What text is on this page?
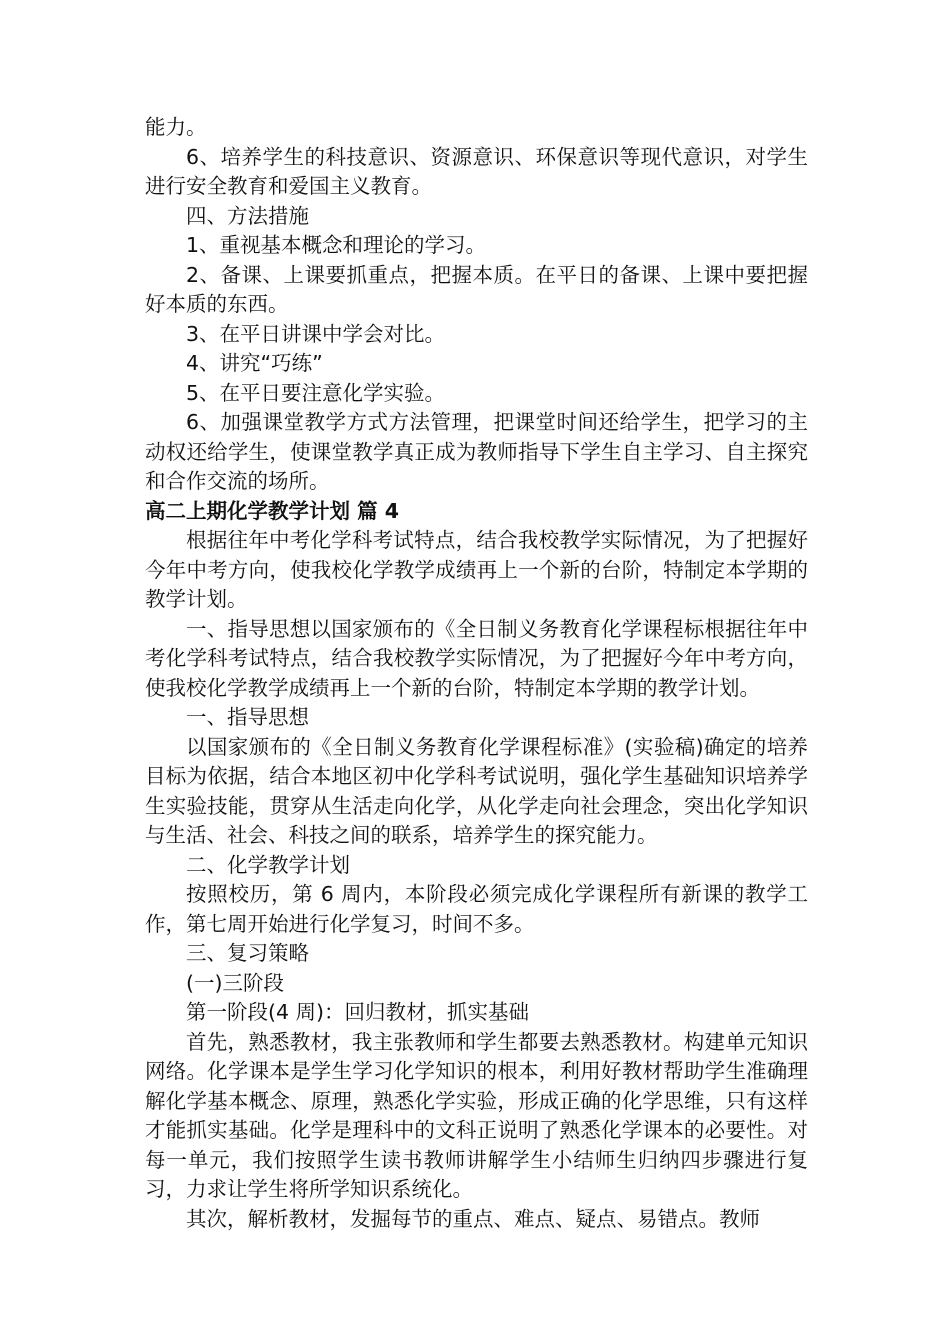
能力。

6、培养学生的科技意识、资源意识、环保意识等现代意识，对学生进行安全教育和爱国主义教育。

四、方法措施

1、重视基本概念和理论的学习。

2、备课、上课要抓重点，把握本质。在平日的备课、上课中要把握好本质的东西。

3、在平日讲课中学会对比。

4、讲究“巧练”

5、在平日要注意化学实验。

6、加强课堂教学方式方法管理，把课堂时间还给学生，把学习的主动权还给学生，使课堂教学真正成为教师指导下学生自主学习、自主探究和合作交流的场所。

高二上期化学教学计划 篇 4

根据往年中考化学科考试特点，结合我校教学实际情况，为了把握好今年中考方向，使我校化学教学成绩再上一个新的台阶，特制定本学期的教学计划。

一、指导思想以国家颁布的《全日制义务教育化学课程标根据往年中考化学科考试特点，结合我校教学实际情况，为了把握好今年中考方向，使我校化学教学成绩再上一个新的台阶，特制定本学期的教学计划。

一、指导思想

以国家颁布的《全日制义务教育化学课程标准》(实验稿)确定的培养目标为依据，结合本地区初中化学科考试说明，强化学生基础知识培养学生实验技能，贯穿从生活走向化学，从化学走向社会理念，突出化学知识与生活、社会、科技之间的联系，培养学生的探究能力。

二、化学教学计划

按照校历，第 6 周内，本阶段必须完成化学课程所有新课的教学工作，第七周开始进行化学复习，时间不多。

三、复习策略

(一)三阶段

第一阶段(4 周)：回归教材，抓实基础

首先，熟悉教材，我主张教师和学生都要去熟悉教材。构建单元知识网络。化学课本是学生学习化学知识的根本，利用好教材帮助学生准确理解化学基本概念、原理，熟悉化学实验，形成正确的化学思维，只有这样才能抓实基础。化学是理科中的文科正说明了熟悉化学课本的必要性。对每一单元，我们按照学生读书教师讲解学生小结师生归纳四步骤进行复习，力求让学生将所学知识系统化。

其次，解析教材，发掘每节的重点、难点、疑点、易错点。教师
